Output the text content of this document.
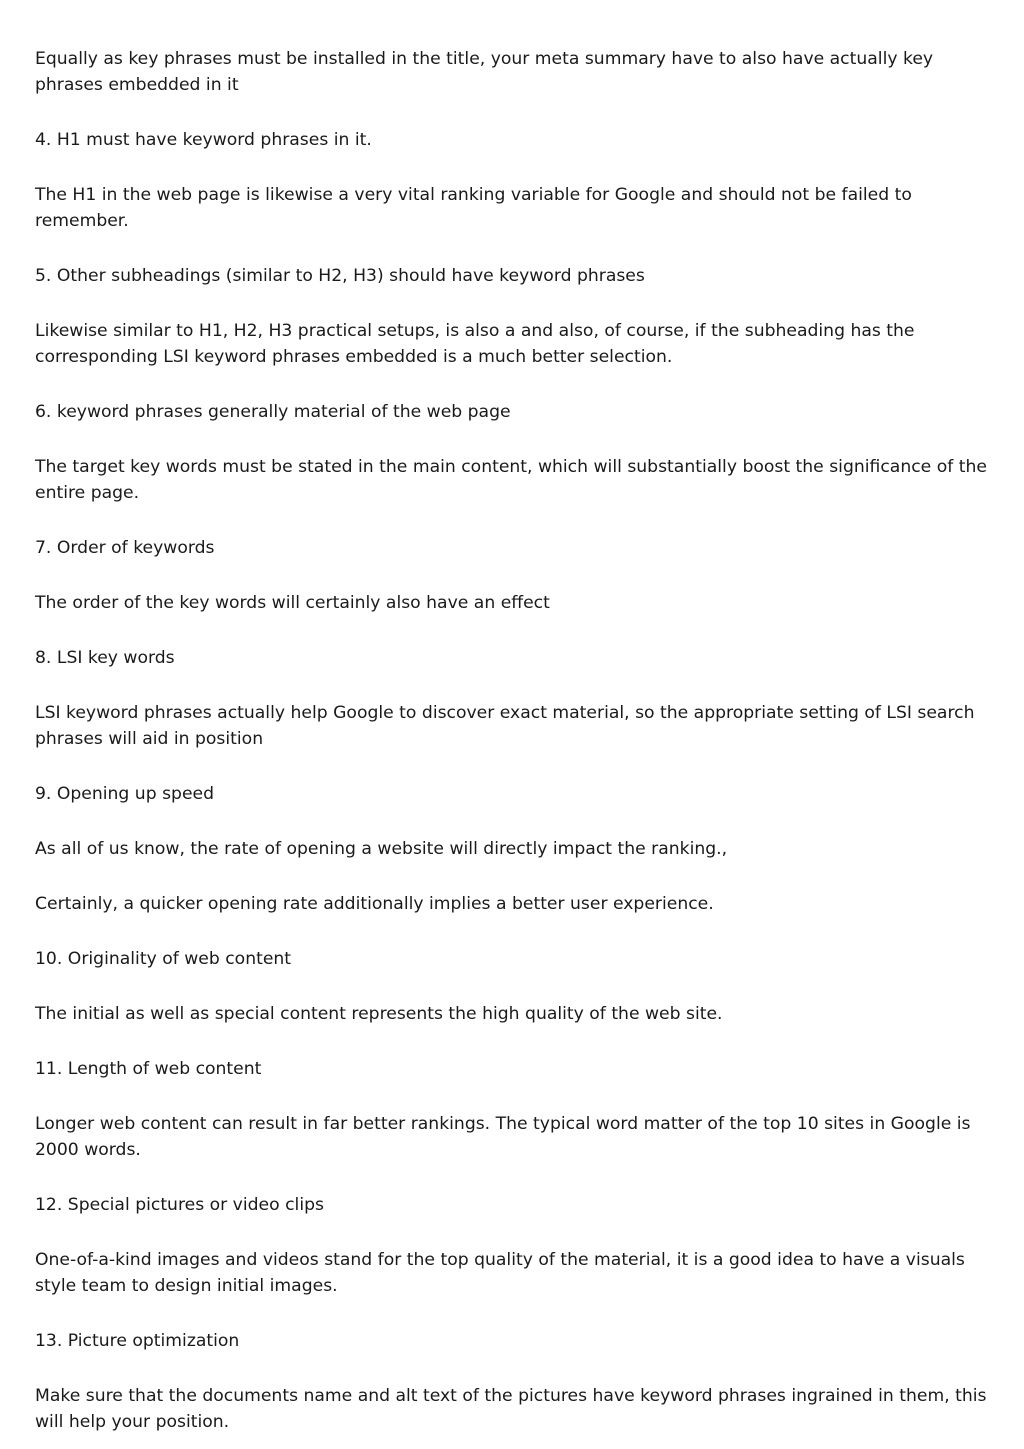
Equally as key phrases must be installed in the title, your meta summary have to also have actually key phrases embedded in it

4. H1 must have keyword phrases in it.

The H1 in the web page is likewise a very vital ranking variable for Google and should not be failed to remember.

5. Other subheadings (similar to H2, H3) should have keyword phrases

Likewise similar to H1, H2, H3 practical setups, is also a and also, of course, if the subheading has the corresponding LSI keyword phrases embedded is a much better selection.

6. keyword phrases generally material of the web page

The target key words must be stated in the main content, which will substantially boost the significance of the entire page.

7. Order of keywords

The order of the key words will certainly also have an effect

8. LSI key words

LSI keyword phrases actually help Google to discover exact material, so the appropriate setting of LSI search phrases will aid in position

9. Opening up speed

As all of us know, the rate of opening a website will directly impact the ranking.,

Certainly, a quicker opening rate additionally implies a better user experience.

10. Originality of web content

The initial as well as special content represents the high quality of the web site.

11. Length of web content

Longer web content can result in far better rankings. The typical word matter of the top 10 sites in Google is 2000 words.

12. Special pictures or video clips

One-of-a-kind images and videos stand for the top quality of the material, it is a good idea to have a visuals style team to design initial images.

13. Picture optimization

Make sure that the documents name and alt text of the pictures have keyword phrases ingrained in them, this will help your position.
